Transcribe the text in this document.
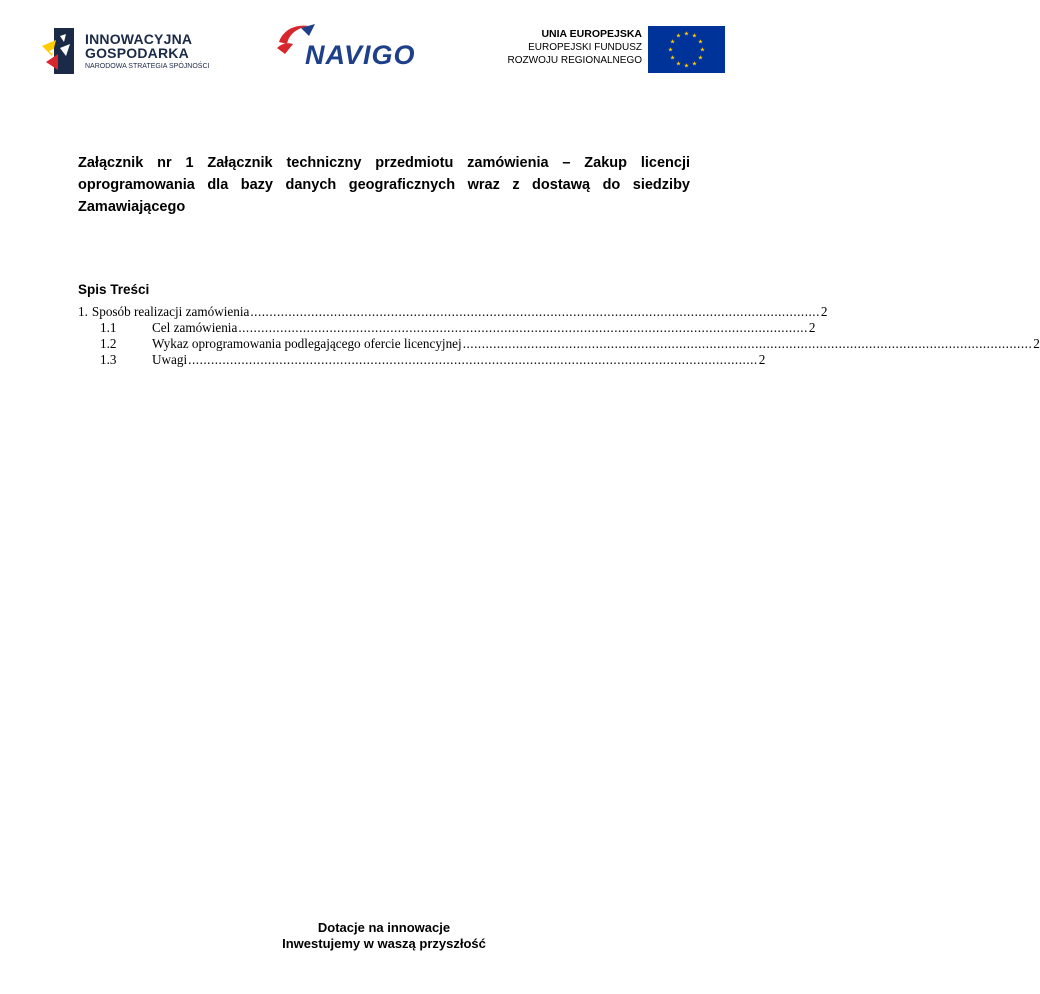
INNOWACYJNA
GOSPODARKA
NARODOWA STRATEGIA SPÓJNOŚCI	NAVIGO
UNIA EUROPEJSKA
EUROPEJSKI FUNDUSZ
ROZWOJU REGIONALNEGO
★ ★
★
★
★
★
★
★
★
★
★
★

Załącznik nr 1 Załącznik techniczny przedmiotu zamówienia – Zakup licencji oprogramowania dla bazy danych geograficznych wraz z dostawą do siedziby Zamawiającego

Spis Treści

1. Sposób realizacji zamówienia ...................................................................................................................................................... 2
1.1	Cel zamówienia ...................................................................................................................................................... 2
1.2	Wykaz oprogramowania podlegającego ofercie licencyjnej ...................................................................................................................................................... 2
1.3	Uwagi ...................................................................................................................................................... 2
Dotacje na innowacje
Inwestujemy w waszą przyszłość
